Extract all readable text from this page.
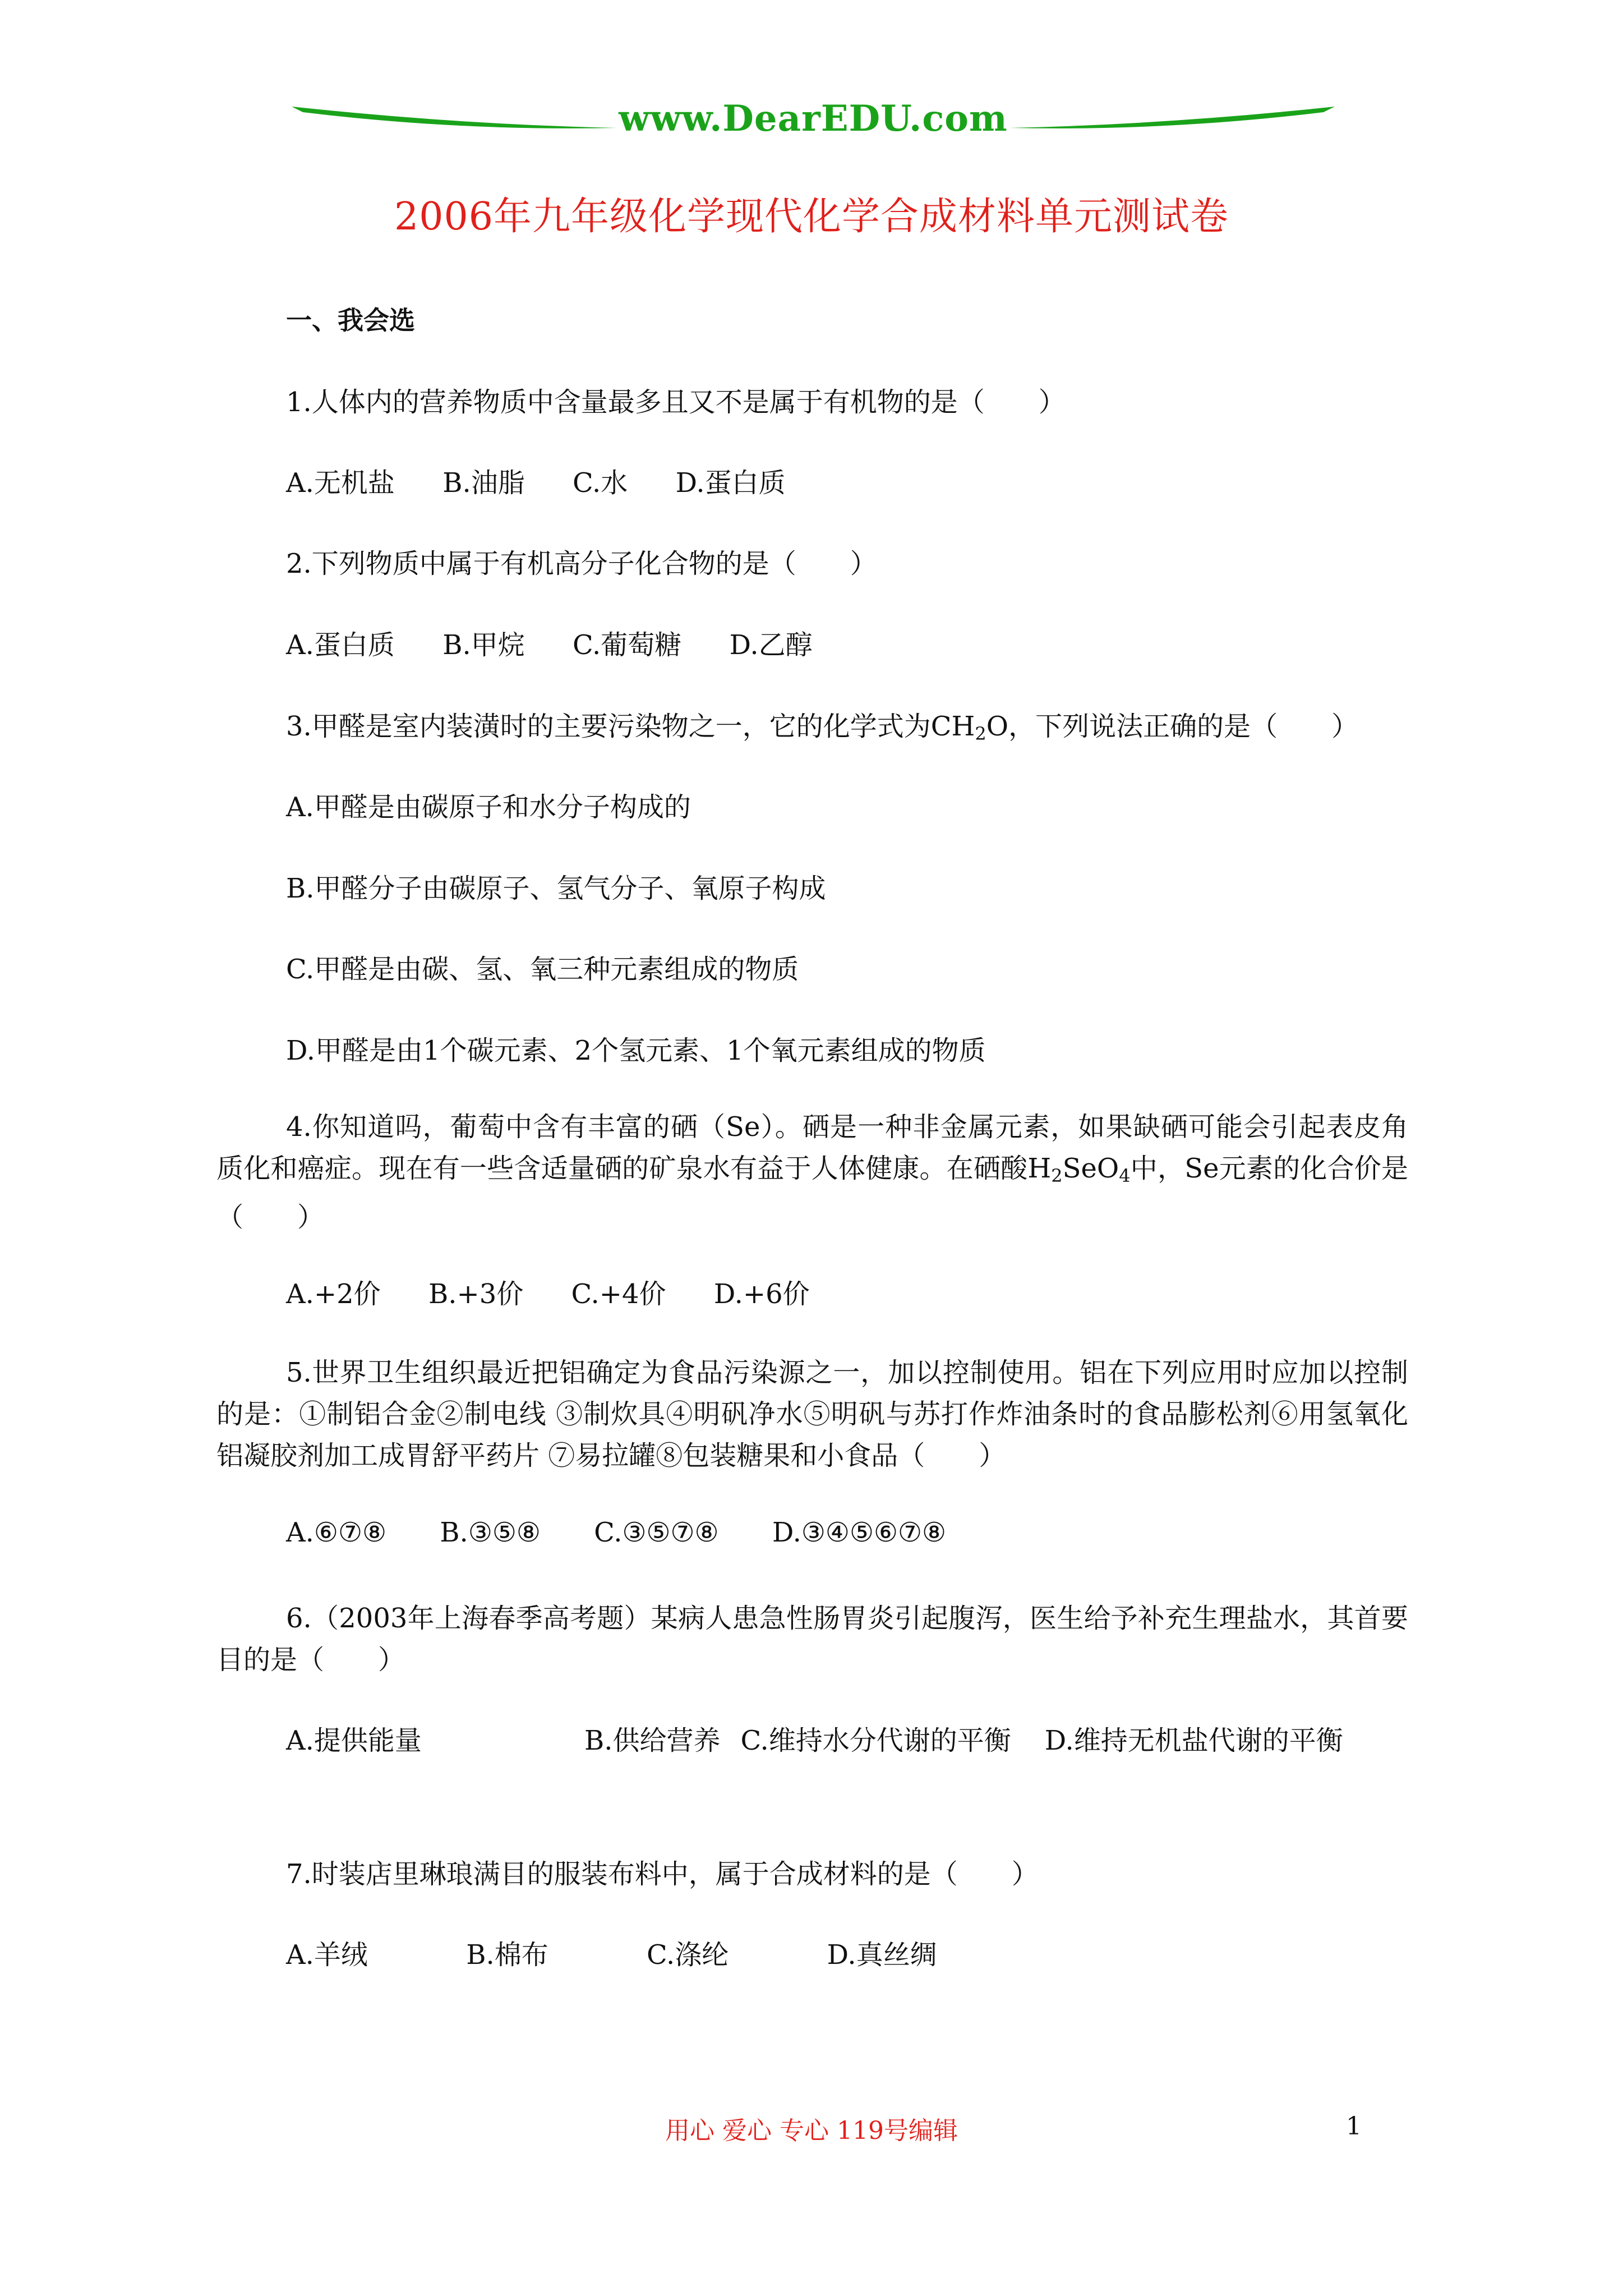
www.DearEDU.com
2006年九年级化学现代化学合成材料单元测试卷
一、我会选
1.人体内的营养物质中含量最多且又不是属于有机物的是（　　）
A.无机盐 B.油脂 C.水 D.蛋白质
2.下列物质中属于有机高分子化合物的是（　　）
A.蛋白质 B.甲烷 C.葡萄糖 D.乙醇
3.甲醛是室内装潢时的主要污染物之一，它的化学式为$CH_2O$，下列说法正确的是（　　）
A.甲醛是由碳原子和水分子构成的
B.甲醛分子由碳原子、氢气分子、氧原子构成
C.甲醛是由碳、氢、氧三种元素组成的物质
D.甲醛是由1个碳元素、2个氢元素、1个氧元素组成的物质
4.你知道吗，葡萄中含有丰富的硒（Se）。硒是一种非金属元素，如果缺硒可能会引起表皮角质化和癌症。现在有一些含适量硒的矿泉水有益于人体健康。在硒酸$H_2SeO_4$中，Se元素的化合价是（　　）
A.+2价 B.+3价 C.+4价 D.+6价
5.世界卫生组织最近把铝确定为食品污染源之一，加以控制使用。铝在下列应用时应加以控制的是：①制铝合金②制电线 ③制炊具④明矾净水⑤明矾与苏打作炸油条时的食品膨松剂⑥用氢氧化铝凝胶剂加工成胃舒平药片 ⑦易拉罐⑧包装糖果和小食品（　　）
A.⑥⑦⑧ B.③⑤⑧ C.③⑤⑦⑧ D.③④⑤⑥⑦⑧
6.（2003年上海春季高考题）某病人患急性肠胃炎引起腹泻，医生给予补充生理盐水，其首要目的是（　　）
A.提供能量	B.供给营养 C.维持水分代谢的平衡 D.维持无机盐代谢的平衡
7.时装店里琳琅满目的服装布料中，属于合成材料的是（　　）
A.羊绒	B.棉布	C.涤纶	D.真丝绸
用心 爱心 专心 119号编辑	1
